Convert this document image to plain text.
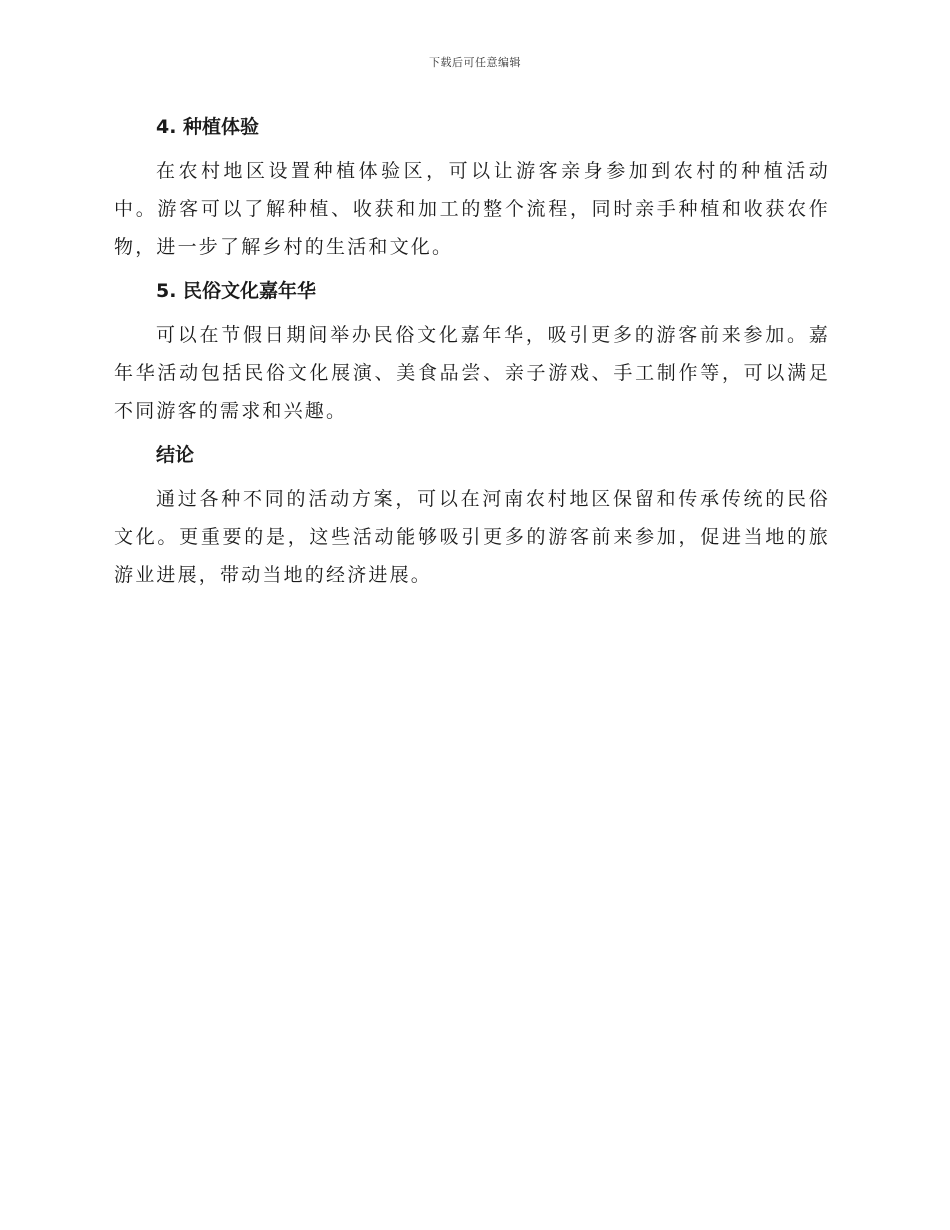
下载后可任意编辑
4. 种植体验

在农村地区设置种植体验区，可以让游客亲身参加到农村的种植活动中。游客可以了解种植、收获和加工的整个流程，同时亲手种植和收获农作物，进一步了解乡村的生活和文化。

5. 民俗文化嘉年华

可以在节假日期间举办民俗文化嘉年华，吸引更多的游客前来参加。嘉年华活动包括民俗文化展演、美食品尝、亲子游戏、手工制作等，可以满足不同游客的需求和兴趣。

结论

通过各种不同的活动方案，可以在河南农村地区保留和传承传统的民俗文化。更重要的是，这些活动能够吸引更多的游客前来参加，促进当地的旅游业进展，带动当地的经济进展。
